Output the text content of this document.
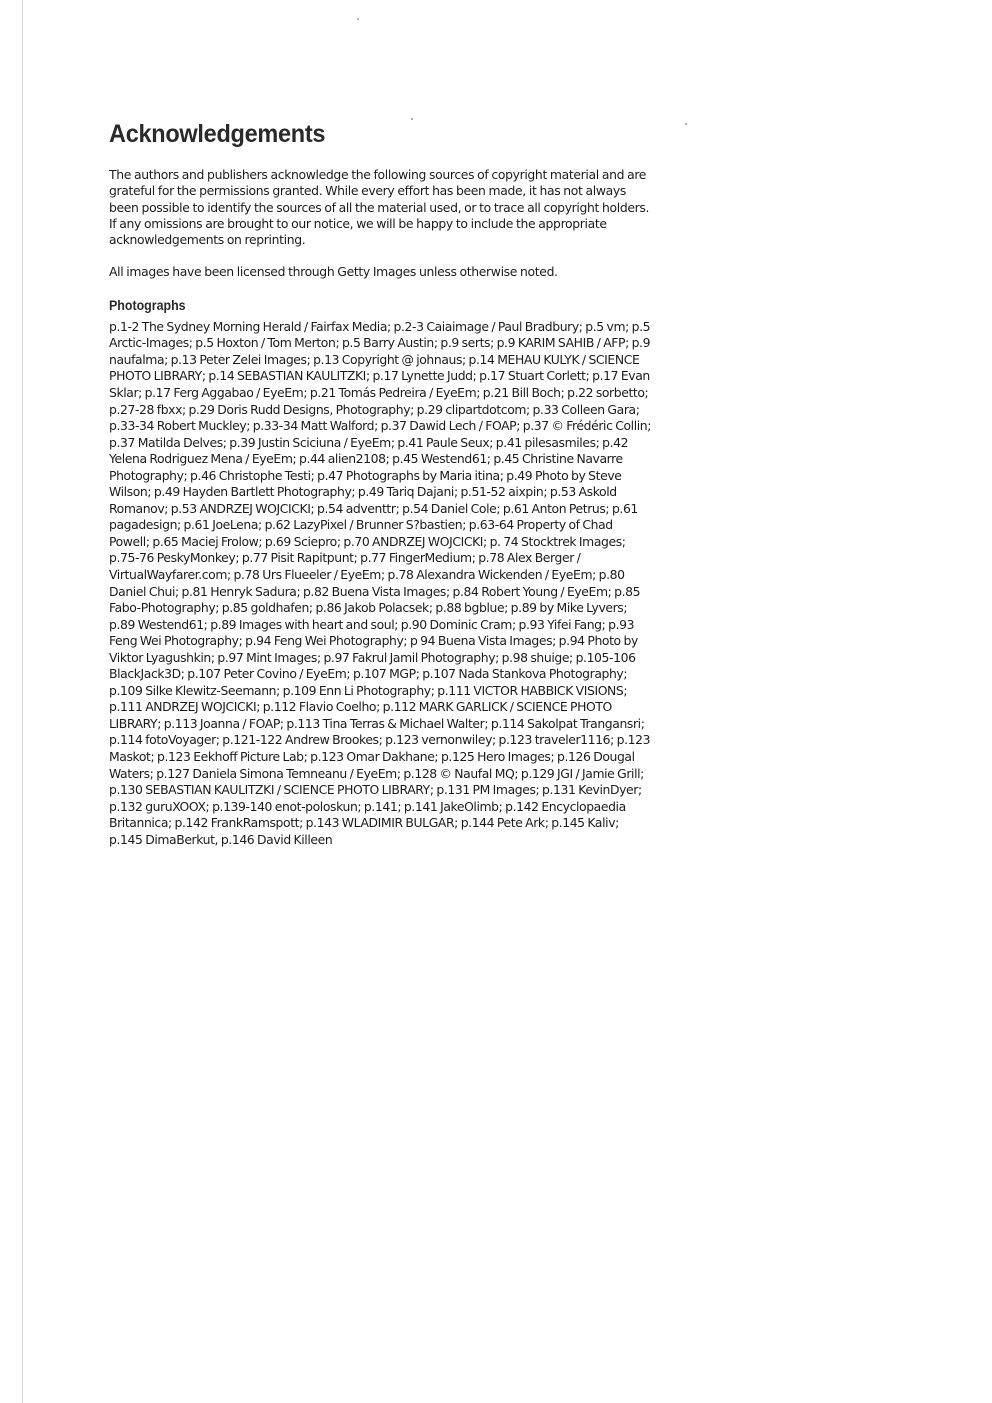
Acknowledgements

The authors and publishers acknowledge the following sources of copyright material and are grateful for the permissions granted. While every effort has been made, it has not always been possible to identify the sources of all the material used, or to trace all copyright holders. If any omissions are brought to our notice, we will be happy to include the appropriate acknowledgements on reprinting.

All images have been licensed through Getty Images unless otherwise noted.

Photographs

p.1-2 The Sydney Morning Herald / Fairfax Media; p.2-3 Caiaimage / Paul Bradbury; p.5 vm; p.5 Arctic-Images; p.5 Hoxton / Tom Merton; p.5 Barry Austin; p.9 serts; p.9 KARIM SAHIB / AFP; p.9 naufalma; p.13 Peter Zelei Images; p.13 Copyright @ johnaus; p.14 MEHAU KULYK / SCIENCE PHOTO LIBRARY; p.14 SEBASTIAN KAULITZKI; p.17 Lynette Judd; p.17 Stuart Corlett; p.17 Evan Sklar; p.17 Ferg Aggabao / EyeEm; p.21 Tomás Pedreira / EyeEm; p.21 Bill Boch; p.22 sorbetto; p.27-28 fbxx; p.29 Doris Rudd Designs, Photography; p.29 clipartdotcom; p.33 Colleen Gara; p.33-34 Robert Muckley; p.33-34 Matt Walford; p.37 Dawid Lech / FOAP; p.37 © Frédéric Collin; p.37 Matilda Delves; p.39 Justin Sciciuna / EyeEm; p.41 Paule Seux; p.41 pilesasmiles; p.42 Yelena Rodriguez Mena / EyeEm; p.44 alien2108; p.45 Westend61; p.45 Christine Navarre Photography; p.46 Christophe Testi; p.47 Photographs by Maria itina; p.49 Photo by Steve Wilson; p.49 Hayden Bartlett Photography; p.49 Tariq Dajani; p.51-52 aixpin; p.53 Askold Romanov; p.53 ANDRZEJ WOJCICKI; p.54 adventtr; p.54 Daniel Cole; p.61 Anton Petrus; p.61 pagadesign; p.61 JoeLena; p.62 LazyPixel / Brunner S?bastien; p.63-64 Property of Chad Powell; p.65 Maciej Frolow; p.69 Sciepro; p.70 ANDRZEJ WOJCICKI; p. 74 Stocktrek Images; p.75-76 PeskyMonkey; p.77 Pisit Rapitpunt; p.77 FingerMedium; p.78 Alex Berger / VirtualWayfarer.com; p.78 Urs Flueeler / EyeEm; p.78 Alexandra Wickenden / EyeEm; p.80 Daniel Chui; p.81 Henryk Sadura; p.82 Buena Vista Images; p.84 Robert Young / EyeEm; p.85 Fabo-Photography; p.85 goldhafen; p.86 Jakob Polacsek; p.88 bgblue; p.89 by Mike Lyvers; p.89 Westend61; p.89 Images with heart and soul; p.90 Dominic Cram; p.93 Yifei Fang; p.93 Feng Wei Photography; p.94 Feng Wei Photography; p 94 Buena Vista Images; p.94 Photo by Viktor Lyagushkin; p.97 Mint Images; p.97 Fakrul Jamil Photography; p.98 shuige; p.105-106 BlackJack3D; p.107 Peter Covino / EyeEm; p.107 MGP; p.107 Nada Stankova Photography; p.109 Silke Klewitz-Seemann; p.109 Enn Li Photography; p.111 VICTOR HABBICK VISIONS; p.111 ANDRZEJ WOJCICKI; p.112 Flavio Coelho; p.112 MARK GARLICK / SCIENCE PHOTO LIBRARY; p.113 Joanna / FOAP; p.113 Tina Terras & Michael Walter; p.114 Sakolpat Trangansri; p.114 fotoVoyager; p.121-122 Andrew Brookes; p.123 vernonwiley; p.123 traveler1116; p.123 Maskot; p.123 Eekhoff Picture Lab; p.123 Omar Dakhane; p.125 Hero Images; p.126 Dougal Waters; p.127 Daniela Simona Temneanu / EyeEm; p.128 © Naufal MQ; p.129 JGI / Jamie Grill; p.130 SEBASTIAN KAULITZKI / SCIENCE PHOTO LIBRARY; p.131 PM Images; p.131 KevinDyer; p.132 guruXOOX; p.139-140 enot-poloskun; p.141; p.141 JakeOlimb; p.142 Encyclopaedia Britannica; p.142 FrankRamspott; p.143 WLADIMIR BULGAR; p.144 Pete Ark; p.145 Kaliv; p.145 DimaBerkut, p.146 David Killeen
